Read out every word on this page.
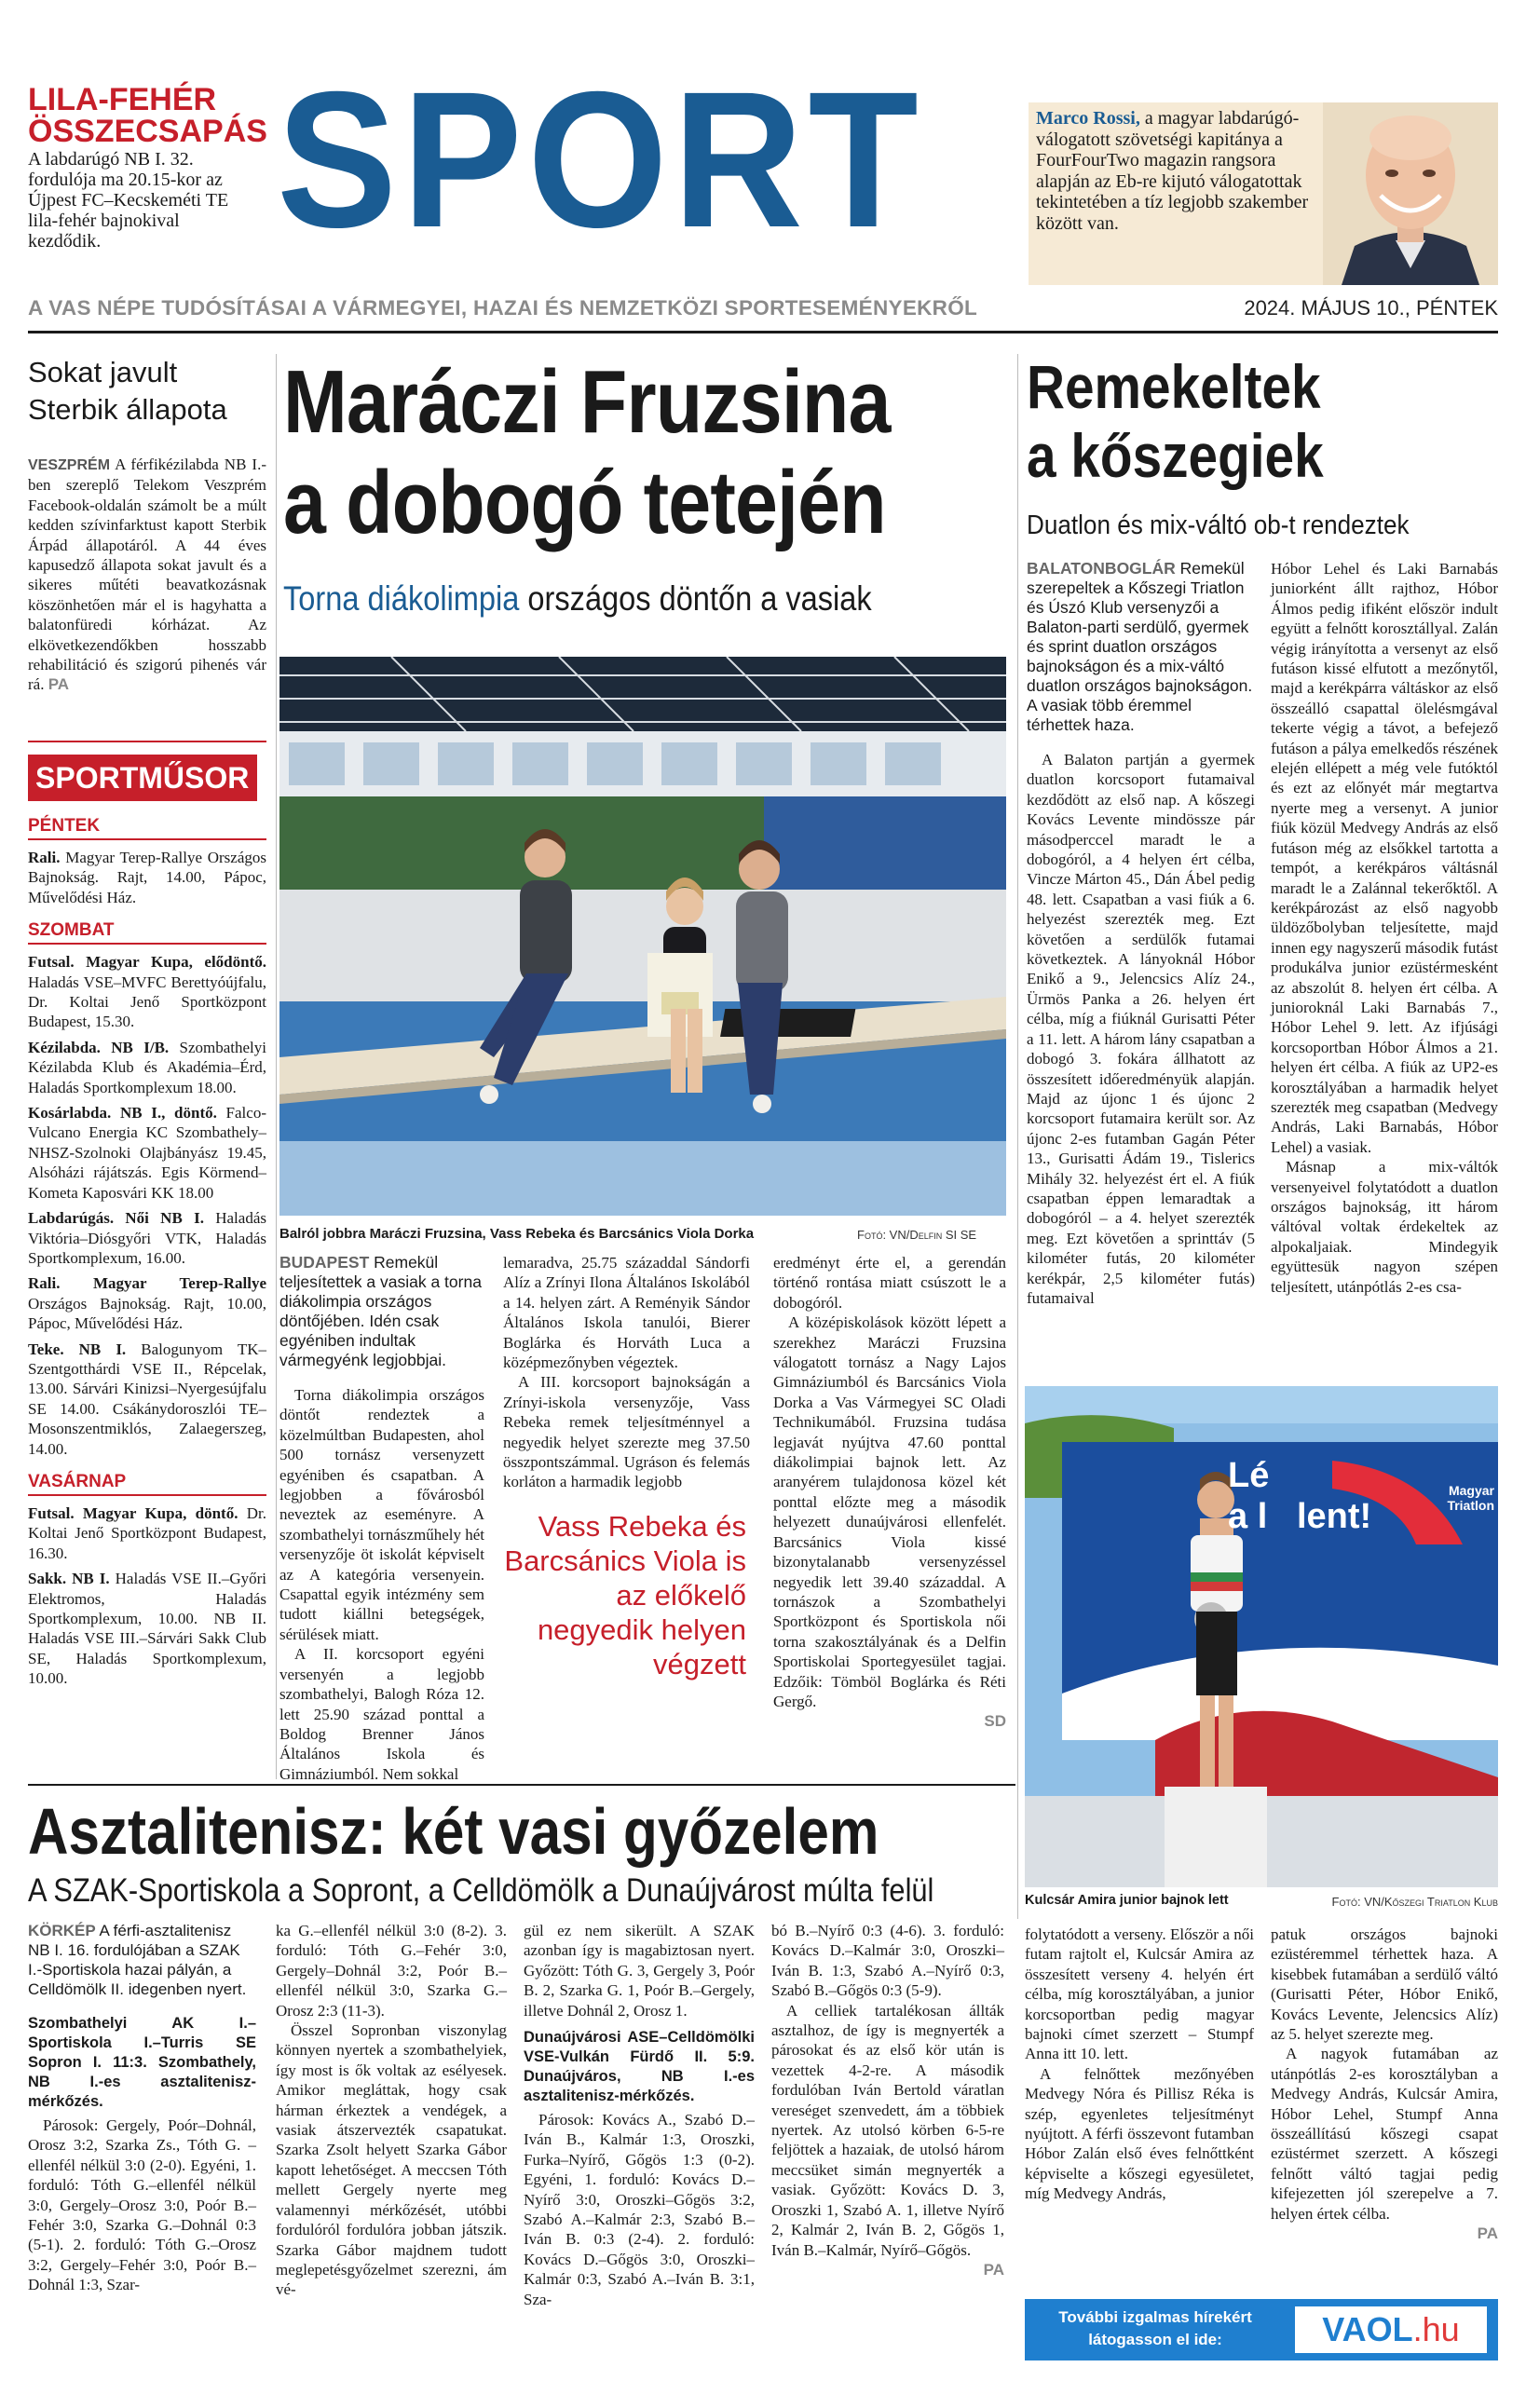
LILA-FEHÉR
ÖSSZECSAPÁS
A labdarúgó NB I. 32. fordulója ma 20.15-kor az Újpest FC–Kecskeméti TE lila-fehér bajnokival kezdődik. SPORT	Marco Rossi, a magyar labdarúgó-válogatott szövetségi kapitánya a FourFourTwo magazin rangsora alapján az Eb-re kijutó válogatottak tekintetében a tíz legjobb szakember között van.
A VAS NÉPE TUDÓSÍTÁSAI A VÁRMEGYEI, HAZAI ÉS NEMZETKÖZI SPORTESEMÉNYEKRŐL	2024. MÁJUS 10., PÉNTEK
Sokat javult
Sterbik állapota
VESZPRÉM A férfikézilabda NB I.-ben szereplő Telekom Veszprém Facebook-oldalán számolt be a múlt kedden szívinfarktust kapott Sterbik Árpád állapotáról. A 44 éves kapusedző állapota sokat javult és a sikeres műtéti beavatkozásnak köszönhetően már el is hagyhatta a balatonfüredi kórházat. Az elkövetkezendőkben hosszabb rehabilitáció és szigorú pihenés vár rá. PA
SPORTMŰSOR
PÉNTEK
Rali. Magyar Terep-Rallye Országos Bajnokság. Rajt, 14.00, Pápoc, Művelődési Ház.
SZOMBAT
Futsal. Magyar Kupa, elődöntő. Haladás VSE–MVFC Berettyóújfalu, Dr. Koltai Jenő Sportközpont Budapest, 15.30.
Kézilabda. NB I/B. Szombathelyi Kézilabda Klub és Akadémia–Érd, Haladás Sportkomplexum 18.00.
Kosárlabda. NB I., döntő. Falco-Vulcano Energia KC Szombathely–NHSZ-Szolnoki Olajbányász 19.45, Alsóházi rájátszás. Egis Körmend–Kometa Kaposvári KK 18.00
Labdarúgás. Női NB I. Haladás Viktória–Diósgyőri VTK, Haladás Sportkomplexum, 16.00.
Rali. Magyar Terep-Rallye Országos Bajnokság. Rajt, 10.00, Pápoc, Művelődési Ház.
Teke. NB I. Balogunyom TK–Szentgotthárdi VSE II., Répcelak, 13.00. Sárvári Kinizsi–Nyergesújfalu SE 14.00. Csákánydoroszlói TE–Mosonszentmiklós, Zalaegerszeg, 14.00.
VASÁRNAP
Futsal. Magyar Kupa, döntő. Dr. Koltai Jenő Sportközpont Budapest, 16.30.
Sakk. NB I. Haladás VSE II.–Győri Elektromos, Haladás Sportkomplexum, 10.00. NB II. Haladás VSE III.–Sárvári Sakk Club SE, Haladás Sportkomplexum, 10.00.
Maráczi Fruzsina
a dobogó tetején
Torna diákolimpia országos döntőn a vasiak
Balról jobbra Maráczi Fruzsina, Vass Rebeka és Barcsánics Viola Dorka	Fotó: VN/Delfin SI SE
BUDAPEST Remekül teljesítettek a vasiak a torna diákolimpia országos döntőjében. Idén csak egyéniben indultak vármegyénk legjobbjai.

Torna diákolimpia országos döntőt rendeztek a közelmúltban Budapesten, ahol 500 tornász versenyzett egyéniben és csapatban. A legjobben a fővárosból neveztek az eseményre. A szombathelyi tornászműhely hét versenyzője öt iskolát képviselt az A kategória versenyein. Csapattal egyik intézmény sem tudott kiállni betegségek, sérülések miatt.

A II. korcsoport egyéni versenyén a legjobb szombathelyi, Balogh Róza 12. lett 25.90 század ponttal a Boldog Brenner János Általános Iskola és Gimnáziumból. Nem sokkal

lemaradva, 25.75 századdal Sándorfi Alíz a Zrínyi Ilona Általános Iskolából a 14. helyen zárt. A Reményik Sándor Általános Iskola tanulói, Bierer Boglárka és Horváth Luca a középmezőnyben végeztek.

A III. korcsoport bajnokságán a Zrínyi-iskola versenyzője, Vass Rebeka remek teljesítménnyel a negyedik helyet szerezte meg 37.50 összpontszámmal. Ugráson és felemás korláton a harmadik legjobb

Vass Rebeka és Barcsánics Viola is az előkelő negyedik helyen végzett

eredményt érte el, a gerendán történő rontása miatt csúszott le a dobogóról.

A középiskolások között lépett a szerekhez Maráczi Fruzsina válogatott tornász a Nagy Lajos Gimnáziumból és Barcsánics Viola Dorka a Vas Vármegyei SC Oladi Technikumából. Fruzsina tudása legjavát nyújtva 47.60 ponttal diákolimpiai bajnok lett. Az aranyérem tulajdonosa közel két ponttal előzte meg a második helyezett dunaújvárosi ellenfelét. Barcsánics Viola kissé bizonytalanabb versenyzéssel negyedik lett 39.40 századdal. A tornászok a Szombathelyi Sportközpont és Sportiskola női torna szakosztályának és a Delfin Sportiskolai Sportegyesület tagjai. Edzőik: Tömböl Boglárka és Réti Gergő.

SD
Remekeltek
a kőszegiek
Duatlon és mix-váltó ob-t rendeztek
BALATONBOGLÁR Remekül szerepeltek a Kőszegi Triatlon és Úszó Klub versenyzői a Balaton-parti serdülő, gyermek és sprint duatlon országos bajnokságon és a mix-váltó duatlon országos bajnokságon. A vasiak több éremmel térhettek haza.

A Balaton partján a gyermek duatlon korcsoport futamaival kezdődött az első nap. A kőszegi Kovács Levente mindössze pár másodperccel maradt le a dobogóról, a 4 helyen ért célba, Vincze Márton 45., Dán Ábel pedig 48. lett. Csapatban a vasi fiúk a 6. helyezést szerezték meg. Ezt követően a serdülők futamai következtek. A lányoknál Hóbor Enikő a 9., Jelencsics Alíz 24., Ürmös Panka a 26. helyen ért célba, míg a fiúknál Gurisatti Péter a 11. lett. A három lány csapatban a dobogó 3. fokára állhatott az összesített időeredményük alapján. Majd az újonc 1 és újonc 2 korcsoport futamaira került sor. Az újonc 2-es futamban Gagán Péter 13., Gurisatti Ádám 19., Tislerics Mihály 32. helyezést ért el. A fiúk csapatban éppen lemaradtak a dobogóról – a 4. helyet szerezték meg. Ezt követően a sprinttáv (5 kilométer futás, 20 kilométer kerékpár, 2,5 kilométer futás) futamaival

Hóbor Lehel és Laki Barnabás juniorként állt rajthoz, Hóbor Álmos pedig ifiként először indult együtt a felnőtt korosztállyal. Zalán végig irányította a versenyt az első futáson kissé elfutott a mezőnytől, majd a kerékpárra váltáskor az első összeálló csapattal ölelésmgával tekerte végig a távot, a befejező futáson a pálya emelkedős részének elején ellépett a még vele futóktól és ezt az előnyét már megtartva nyerte meg a versenyt. A junior fiúk közül Medvegy András az első futáson még az elsőkkel tartotta a tempót, a kerékpáros váltásnál maradt le a Zalánnal tekerőktől. A kerékpározást az első nagyobb üldözőbolyban teljesítette, majd innen egy nagyszerű második futást produkálva junior ezüstérmesként az abszolút 8. helyen ért célba. A junioroknál Laki Barnabás 7., Hóbor Lehel 9. lett. Az ifjúsági korcsoportban Hóbor Álmos a 21. helyen ért célba. A fiúk az UP2-es korosztályában a harmadik helyet szerezték meg csapatban (Medvegy András, Laki Barnabás, Hóbor Lehel) a vasiak.

Másnap a mix-váltók versenyeivel folytatódott a duatlon országos bajnokság, itt három váltóval voltak érdekeltek az alpokaljaiak. Mindegyik együttesük nagyon szépen teljesített, utánpótlás 2-es csa-

Lé
a l lent!
Magyar Triatlon
Kulcsár Amira junior bajnok lett	Fotó: VN/Kőszegi Triatlon Klub

folytatódott a verseny. Először a női futam rajtolt el, Kulcsár Amira az összesített verseny 4. helyén ért célba, míg korosztályában, a junior korcsoportban pedig magyar bajnoki címet szerzett – Stumpf Anna itt 10. lett.

A felnőttek mezőnyében Medvegy Nóra és Pillisz Réka is szép, egyenletes teljesítményt nyújtott. A férfi összevont futamban Hóbor Zalán első éves felnőttként képviselte a kőszegi egyesületet, míg Medvegy András,

patuk országos bajnoki ezüstéremmel térhettek haza. A kisebbek futamában a serdülő váltó (Gurisatti Péter, Hóbor Enikő, Kovács Levente, Jelencsics Alíz) az 5. helyet szerezte meg.

A nagyok futamában az utánpótlás 2-es korosztályban a Medvegy András, Kulcsár Amira, Hóbor Lehel, Stumpf Anna összeállítású kőszegi csapat ezüstérmet szerzett. A kőszegi felnőtt váltó tagjai pedig kifejezetten jól szerepelve a 7. helyen értek célba.

PA
További izgalmas hírekért látogasson el ide:	VAOL.hu
Asztalitenisz: két vasi győzelem
A SZAK-Sportiskola a Sopront, a Celldömölk a Dunaújvárost múlta felül
KÖRKÉP A férfi-asztalitenisz NB I. 16. fordulójában a SZAK I.-Sportiskola hazai pályán, a Celldömölk II. idegenben nyert.
Szombathelyi AK I.–Sportiskola I.–Turris SE Sopron I. 11:3. Szombathely, NB I.-es asztalitenisz-mérkőzés.

Párosok: Gergely, Poór–Dohnál, Orosz 3:2, Szarka Zs., Tóth G. – ellenfél nélkül 3:0 (2-0). Egyéni, 1. forduló: Tóth G.–ellenfél nélkül 3:0, Gergely–Orosz 3:0, Poór B.–Fehér 3:0, Szarka G.–Dohnál 0:3 (5-1). 2. forduló: Tóth G.–Orosz 3:2, Gergely–Fehér 3:0, Poór B.–Dohnál 1:3, Szar-

ka G.–ellenfél nélkül 3:0 (8-2). 3. forduló: Tóth G.–Fehér 3:0, Gergely–Dohnál 3:2, Poór B.–ellenfél nélkül 3:0, Szarka G.–Orosz 2:3 (11-3).

Összel Sopronban viszonylag könnyen nyertek a szombathelyiek, így most is ők voltak az esélyesek. Amikor megláttak, hogy csak hárman érkeztek a vendégek, a vasiak átszervezték csapatukat. Szarka Zsolt helyett Szarka Gábor kapott lehetőséget. A meccsen Tóth mellett Gergely nyerte meg valamennyi mérkőzését, utóbbi fordulóról fordulóra jobban játszik. Szarka Gábor majdnem tudott meglepetésgyőzelmet szerezni, ám vé-

gül ez nem sikerült. A SZAK azonban így is magabiztosan nyert. Győzött: Tóth G. 3, Gergely 3, Poór B. 2, Szarka G. 1, Poór B.–Gergely, illetve Dohnál 2, Orosz 1.

Dunaújvárosi ASE–Celldömölki VSE-Vulkán Fürdő II. 5:9. Dunaújváros, NB I.-es asztalitenisz-mérkőzés.

Párosok: Kovács A., Szabó D.–Iván B., Kalmár 1:3, Oroszki, Furka–Nyírő, Gőgös 1:3 (0-2). Egyéni, 1. forduló: Kovács D.–Nyírő 3:0, Oroszki–Gőgös 3:2, Szabó A.–Kalmár 2:3, Szabó B.–Iván B. 0:3 (2-4). 2. forduló: Kovács D.–Gőgös 3:0, Oroszki–Kalmár 0:3, Szabó A.–Iván B. 3:1, Sza-

bó B.–Nyírő 0:3 (4-6). 3. forduló: Kovács D.–Kalmár 3:0, Oroszki–Iván B. 1:3, Szabó A.–Nyírő 0:3, Szabó B.–Gőgös 0:3 (5-9).

A celliek tartalékosan állták asztalhoz, de így is megnyerték a párosokat és az első kör után is vezettek 4-2-re. A második fordulóban Iván Bertold váratlan vereséget szenvedett, ám a többiek nyertek. Az utolsó körben 6-5-re feljöttek a hazaiak, de utolsó három meccsüket simán megnyerték a vasiak. Győzött: Kovács D. 3, Oroszki 1, Szabó A. 1, illetve Nyírő 2, Kalmár 2, Iván B. 2, Gőgös 1, Iván B.–Kalmár, Nyírő–Gőgös.

PA
